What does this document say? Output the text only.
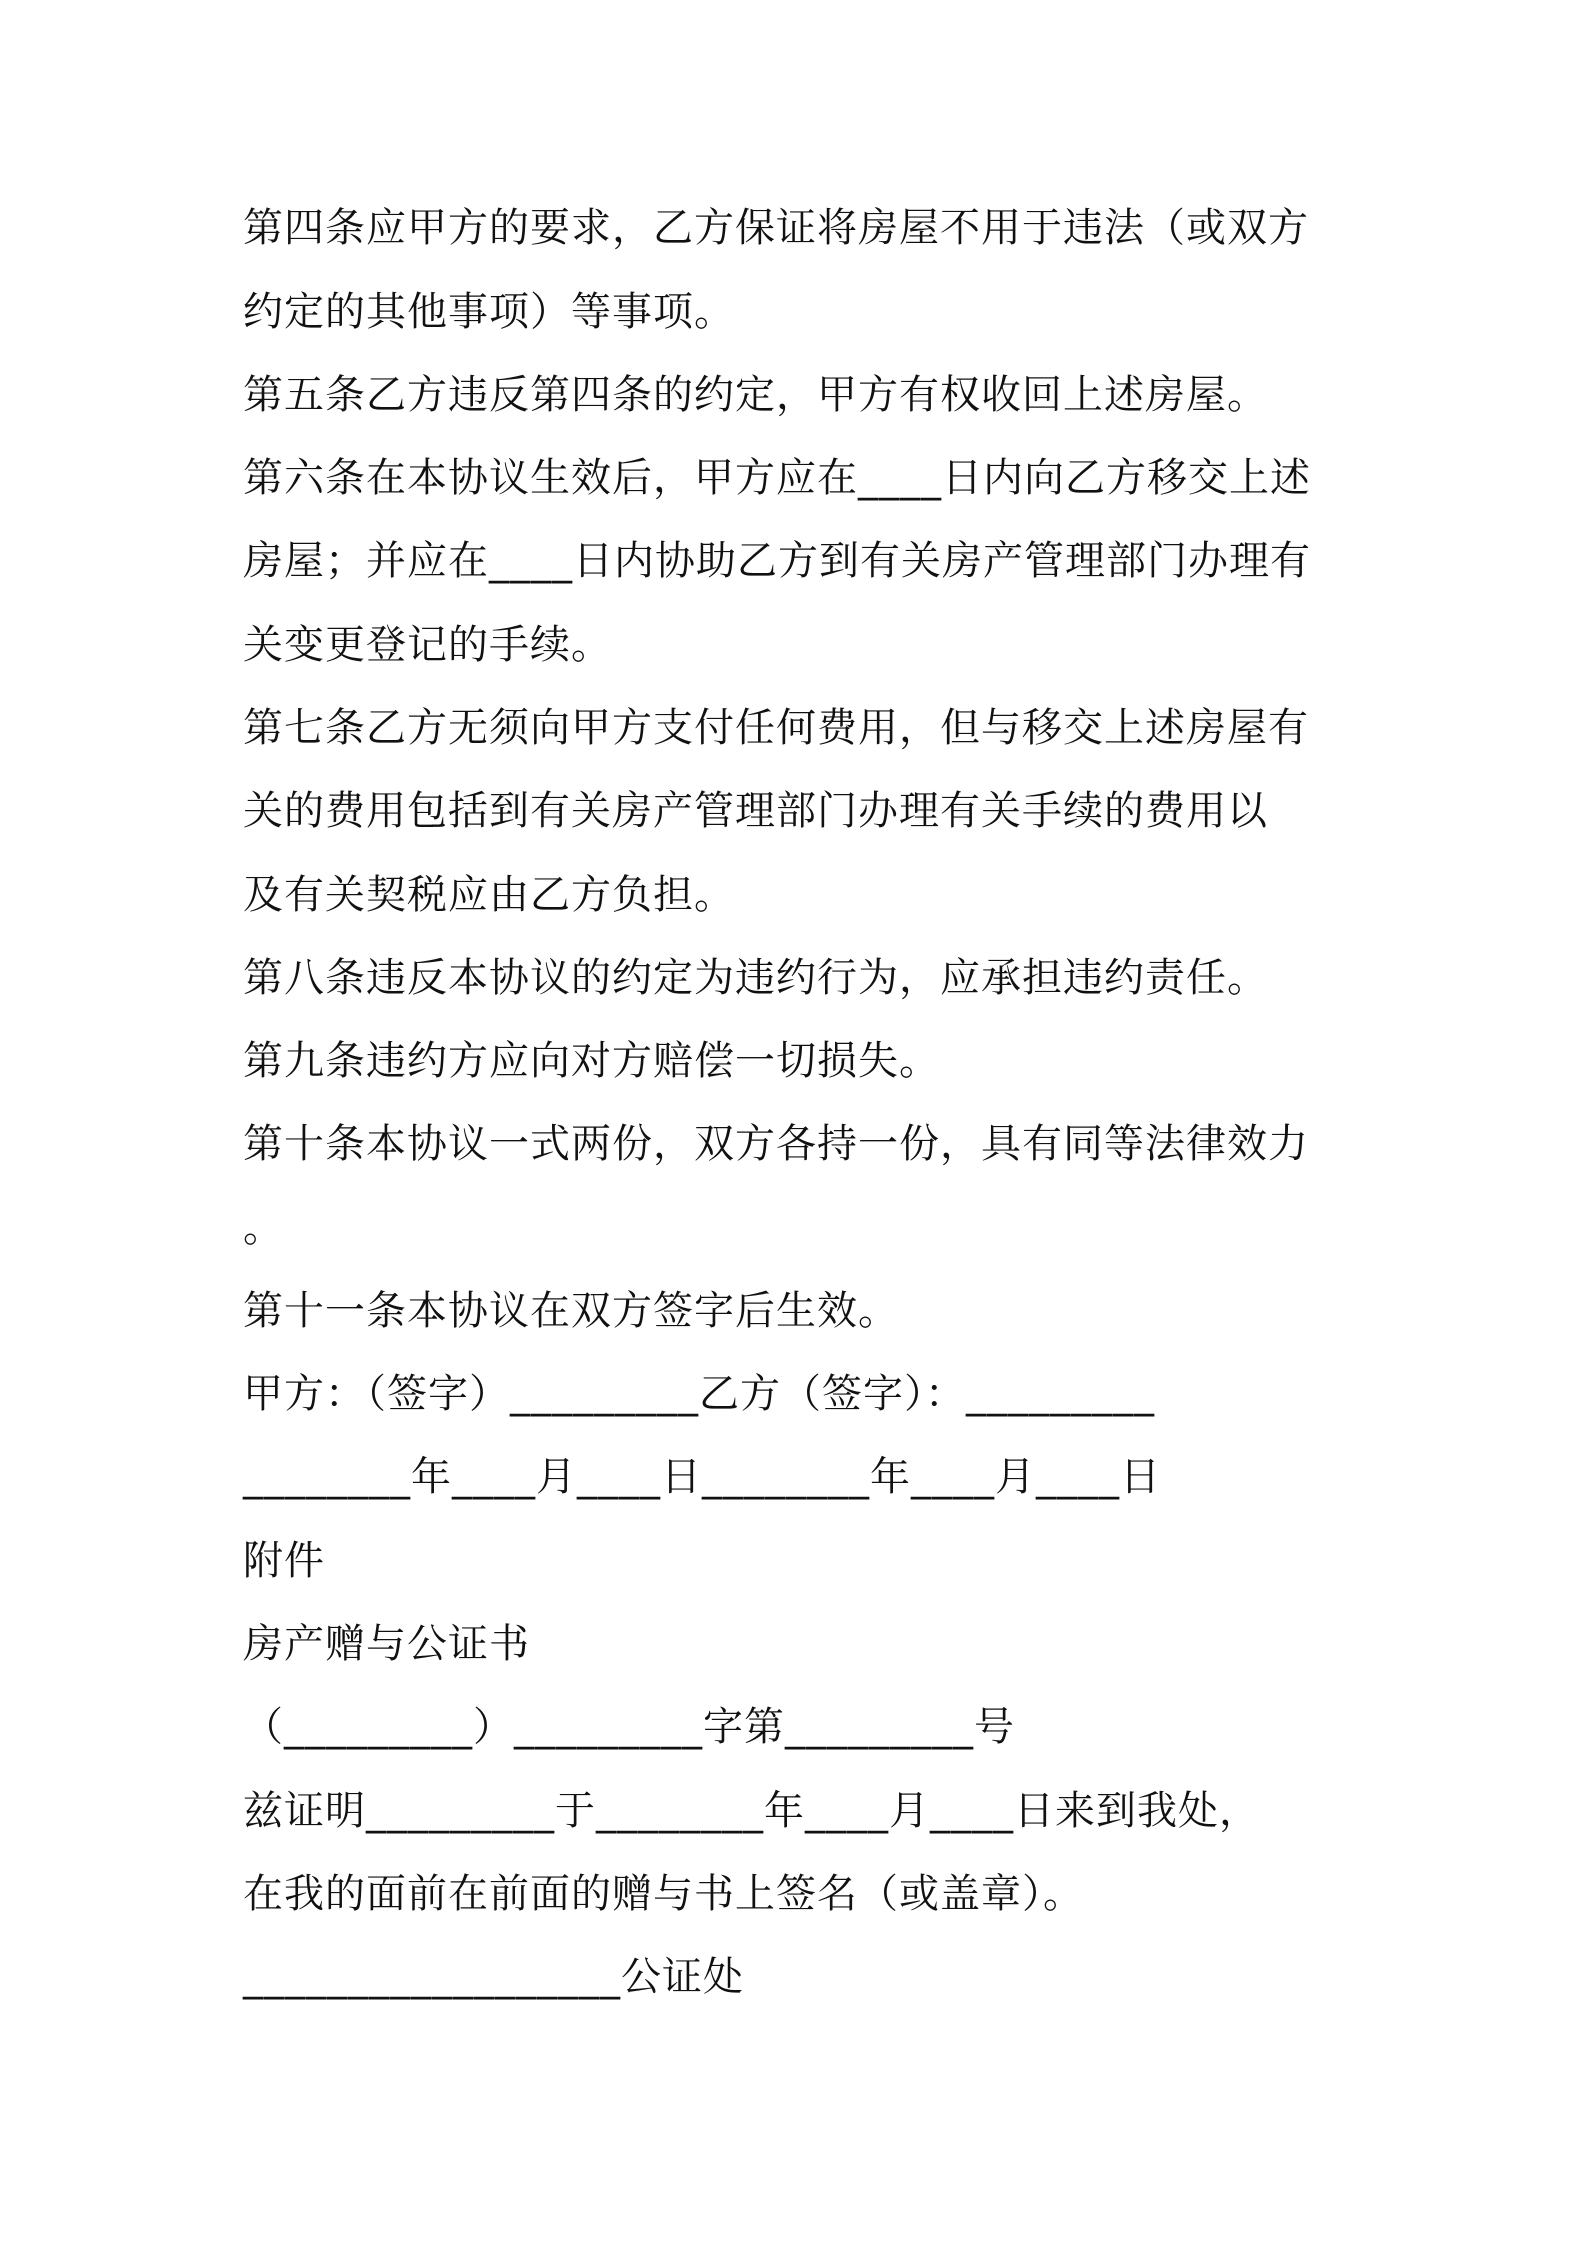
第四条应甲方的要求，乙方保证将房屋不用于违法（或双方

约定的其他事项）等事项。

第五条乙方违反第四条的约定，甲方有权收回上述房屋。

第六条在本协议生效后，甲方应在____日内向乙方移交上述

房屋；并应在____日内协助乙方到有关房产管理部门办理有

关变更登记的手续。

第七条乙方无须向甲方支付任何费用，但与移交上述房屋有

关的费用包括到有关房产管理部门办理有关手续的费用以

及有关契税应由乙方负担。

第八条违反本协议的约定为违约行为，应承担违约责任。

第九条违约方应向对方赔偿一切损失。

第十条本协议一式两份，双方各持一份，具有同等法律效力

。

第十一条本协议在双方签字后生效。

甲方：（签字）_________乙方（签字）：_________

________年____月____日________年____月____日

附件

房产赠与公证书

（_________）_________字第_________号

兹证明_________于________年____月____日来到我处，

在我的面前在前面的赠与书上签名（或盖章）。

__________________公证处
